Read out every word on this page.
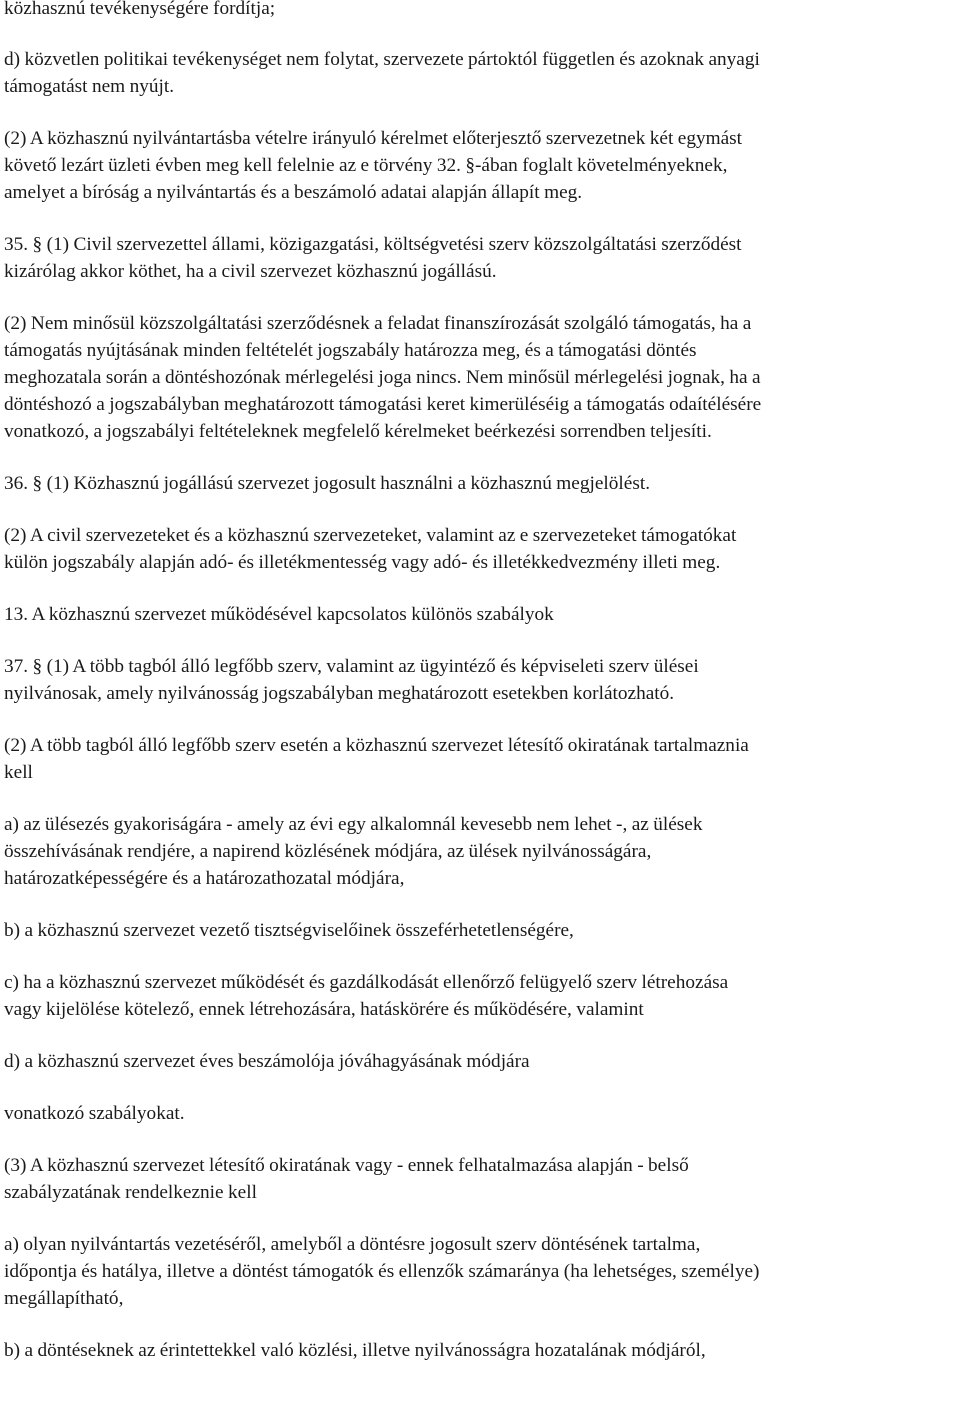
közhasznú tevékenységére fordítja;

d) közvetlen politikai tevékenységet nem folytat, szervezete pártoktól független és azoknak anyagi
támogatást nem nyújt.

(2) A közhasznú nyilvántartásba vételre irányuló kérelmet előterjesztő szervezetnek két egymást
követő lezárt üzleti évben meg kell felelnie az e törvény 32. §-ában foglalt követelményeknek,
amelyet a bíróság a nyilvántartás és a beszámoló adatai alapján állapít meg.

35. § (1) Civil szervezettel állami, közigazgatási, költségvetési szerv közszolgáltatási szerződést
kizárólag akkor köthet, ha a civil szervezet közhasznú jogállású.

(2) Nem minősül közszolgáltatási szerződésnek a feladat finanszírozását szolgáló támogatás, ha a
támogatás nyújtásának minden feltételét jogszabály határozza meg, és a támogatási döntés
meghozatala során a döntéshozónak mérlegelési joga nincs. Nem minősül mérlegelési jognak, ha a
döntéshozó a jogszabályban meghatározott támogatási keret kimerüléséig a támogatás odaítélésére
vonatkozó, a jogszabályi feltételeknek megfelelő kérelmeket beérkezési sorrendben teljesíti.

36. § (1) Közhasznú jogállású szervezet jogosult használni a közhasznú megjelölést.

(2) A civil szervezeteket és a közhasznú szervezeteket, valamint az e szervezeteket támogatókat
külön jogszabály alapján adó- és illetékmentesség vagy adó- és illetékkedvezmény illeti meg.

13. A közhasznú szervezet működésével kapcsolatos különös szabályok

37. § (1) A több tagból álló legfőbb szerv, valamint az ügyintéző és képviseleti szerv ülései
nyilvánosak, amely nyilvánosság jogszabályban meghatározott esetekben korlátozható.

(2) A több tagból álló legfőbb szerv esetén a közhasznú szervezet létesítő okiratának tartalmaznia
kell

a) az ülésezés gyakoriságára - amely az évi egy alkalomnál kevesebb nem lehet -, az ülések
összehívásának rendjére, a napirend közlésének módjára, az ülések nyilvánosságára,
határozatképességére és a határozathozatal módjára,

b) a közhasznú szervezet vezető tisztségviselőinek összeférhetetlenségére,

c) ha a közhasznú szervezet működését és gazdálkodását ellenőrző felügyelő szerv létrehozása
vagy kijelölése kötelező, ennek létrehozására, hatáskörére és működésére, valamint

d) a közhasznú szervezet éves beszámolója jóváhagyásának módjára

vonatkozó szabályokat.

(3) A közhasznú szervezet létesítő okiratának vagy - ennek felhatalmazása alapján - belső
szabályzatának rendelkeznie kell

a) olyan nyilvántartás vezetéséről, amelyből a döntésre jogosult szerv döntésének tartalma,
időpontja és hatálya, illetve a döntést támogatók és ellenzők számaránya (ha lehetséges, személye)
megállapítható,

b) a döntéseknek az érintettekkel való közlési, illetve nyilvánosságra hozatalának módjáról,
